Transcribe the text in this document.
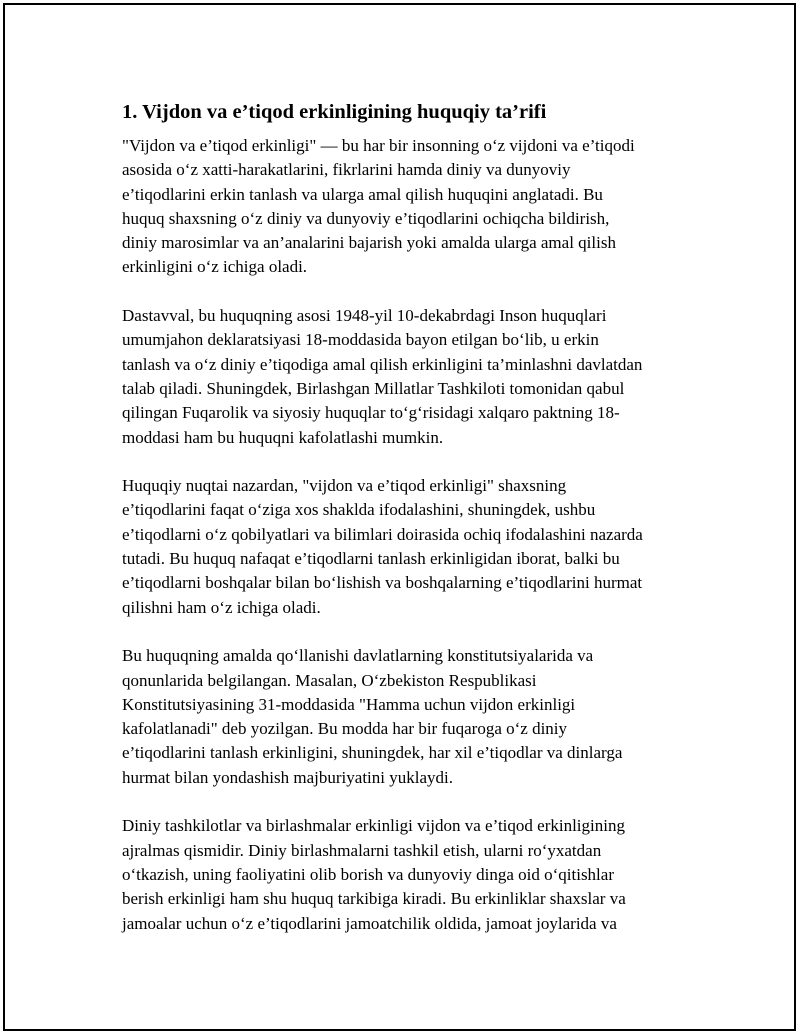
1. Vijdon va e’tiqod erkinligining huquqiy ta’rifi

"Vijdon va e’tiqod erkinligi" — bu har bir insonning o‘z vijdoni va e’tiqodi
asosida o‘z xatti-harakatlarini, fikrlarini hamda diniy va dunyoviy
e’tiqodlarini erkin tanlash va ularga amal qilish huquqini anglatadi. Bu
huquq shaxsning o‘z diniy va dunyoviy e’tiqodlarini ochiqcha bildirish,
diniy marosimlar va an’analarini bajarish yoki amalda ularga amal qilish
erkinligini o‘z ichiga oladi.

Dastavval, bu huquqning asosi 1948-yil 10-dekabrdagi Inson huquqlari
umumjahon deklaratsiyasi 18-moddasida bayon etilgan bo‘lib, u erkin
tanlash va o‘z diniy e’tiqodiga amal qilish erkinligini ta’minlashni davlatdan
talab qiladi. Shuningdek, Birlashgan Millatlar Tashkiloti tomonidan qabul
qilingan Fuqarolik va siyosiy huquqlar to‘g‘risidagi xalqaro paktning 18-
moddasi ham bu huquqni kafolatlashi mumkin.

Huquqiy nuqtai nazardan, "vijdon va e’tiqod erkinligi" shaxsning
e’tiqodlarini faqat o‘ziga xos shaklda ifodalashini, shuningdek, ushbu
e’tiqodlarni o‘z qobilyatlari va bilimlari doirasida ochiq ifodalashini nazarda
tutadi. Bu huquq nafaqat e’tiqodlarni tanlash erkinligidan iborat, balki bu
e’tiqodlarni boshqalar bilan bo‘lishish va boshqalarning e’tiqodlarini hurmat
qilishni ham o‘z ichiga oladi.

Bu huquqning amalda qo‘llanishi davlatlarning konstitutsiyalarida va
qonunlarida belgilangan. Masalan, O‘zbekiston Respublikasi
Konstitutsiyasining 31-moddasida "Hamma uchun vijdon erkinligi
kafolatlanadi" deb yozilgan. Bu modda har bir fuqaroga o‘z diniy
e’tiqodlarini tanlash erkinligini, shuningdek, har xil e’tiqodlar va dinlarga
hurmat bilan yondashish majburiyatini yuklaydi.

Diniy tashkilotlar va birlashmalar erkinligi vijdon va e’tiqod erkinligining
ajralmas qismidir. Diniy birlashmalarni tashkil etish, ularni ro‘yxatdan
o‘tkazish, uning faoliyatini olib borish va dunyoviy dinga oid o‘qitishlar
berish erkinligi ham shu huquq tarkibiga kiradi. Bu erkinliklar shaxslar va
jamoalar uchun o‘z e’tiqodlarini jamoatchilik oldida, jamoat joylarida va
